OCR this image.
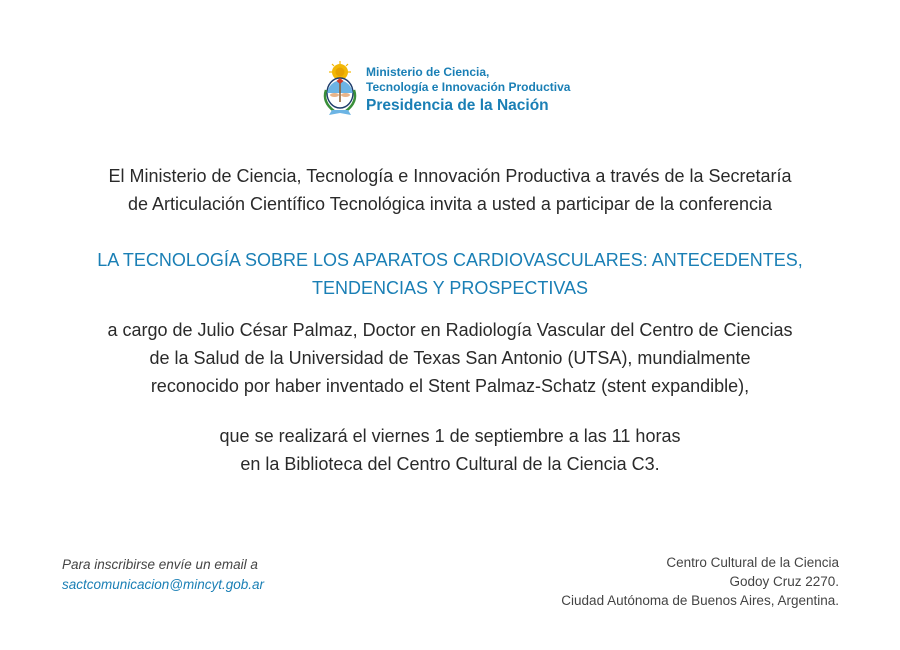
Ministerio de Ciencia,
Tecnología e Innovación Productiva
Presidencia de la Nación
El Ministerio de Ciencia, Tecnología e Innovación Productiva a través de la Secretaría
de Articulación Científico Tecnológica invita a usted a participar de la conferencia
LA TECNOLOGÍA SOBRE LOS APARATOS CARDIOVASCULARES: ANTECEDENTES,
TENDENCIAS Y PROSPECTIVAS
a cargo de Julio César Palmaz, Doctor en Radiología Vascular del Centro de Ciencias
de la Salud de la Universidad de Texas San Antonio (UTSA), mundialmente
reconocido por haber inventado el Stent Palmaz-Schatz (stent expandible),
que se realizará el viernes 1 de septiembre a las 11 horas
en la Biblioteca del Centro Cultural de la Ciencia C3.
Para inscribirse envíe un email a
sactcomunicacion@mincyt.gob.ar
Centro Cultural de la Ciencia
Godoy Cruz 2270.
Ciudad Autónoma de Buenos Aires, Argentina.
